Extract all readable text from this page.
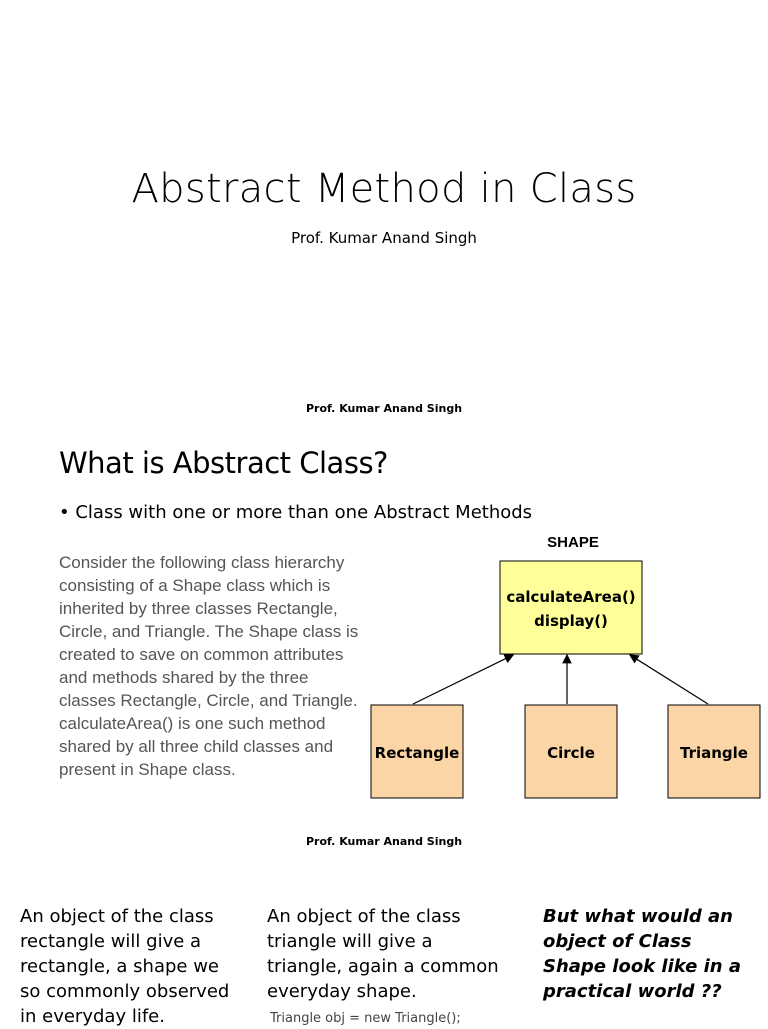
Abstract Method in Class

Prof. Kumar Anand Singh

Prof. Kumar Anand Singh

What is Abstract Class?

• Class with one or more than one Abstract Methods

Consider the following class hierarchy consisting of a Shape class which is inherited by three classes Rectangle, Circle, and Triangle. The Shape class is created to save on common attributes and methods shared by the three classes Rectangle, Circle, and Triangle. calculateArea() is one such method shared by all three child classes and present in Shape class.

SHAPE
calculateArea()
display()
Rectangle	Circle	Triangle

Prof. Kumar Anand Singh

An object of the class rectangle will give a rectangle, a shape we so commonly observed in everyday life.

An object of the class triangle will give a triangle, again a common everyday shape.

But what would an object of Class Shape look like in a practical world ??

Triangle obj = new Triangle();
